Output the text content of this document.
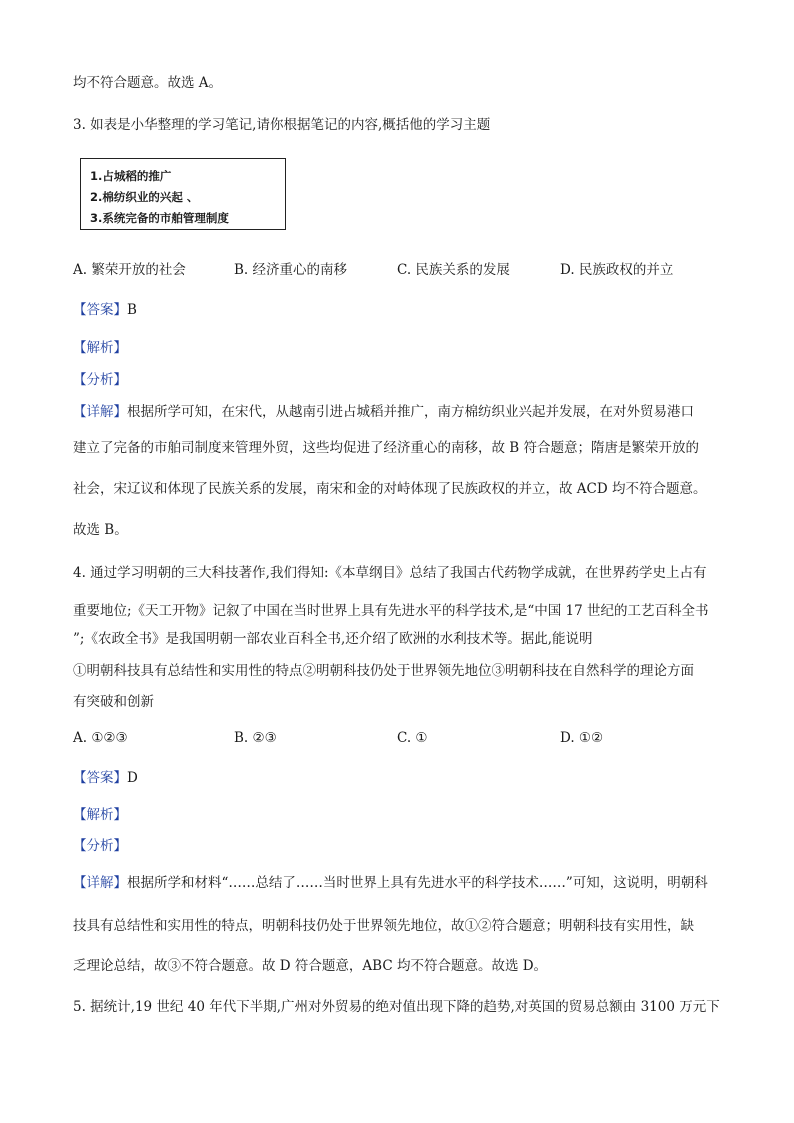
均不符合题意。故选 A。
3. 如表是小华整理的学习笔记,请你根据笔记的内容,概括他的学习主题
1.占城稻的推广
2.棉纺织业的兴起 、
3.系统完备的市舶管理制度
A. 繁荣开放的社会	B. 经济重心的南移	C. 民族关系的发展	D. 民族政权的并立
【答案】B
【解析】
【分析】
【详解】根据所学可知，在宋代，从越南引进占城稻并推广，南方棉纺织业兴起并发展，在对外贸易港口
建立了完备的市舶司制度来管理外贸，这些均促进了经济重心的南移，故 B 符合题意；隋唐是繁荣开放的
社会，宋辽议和体现了民族关系的发展，南宋和金的对峙体现了民族政权的并立，故 ACD 均不符合题意。
故选 B。
4. 通过学习明朝的三大科技著作,我们得知:《本草纲目》总结了我国古代药物学成就，在世界药学史上占有
重要地位;《天工开物》记叙了中国在当时世界上具有先进水平的科学技术,是“中国 17 世纪的工艺百科全书
”;《农政全书》是我国明朝一部农业百科全书,还介绍了欧洲的水利技术等。据此,能说明
①明朝科技具有总结性和实用性的特点②明朝科技仍处于世界领先地位③明朝科技在自然科学的理论方面
有突破和创新
A. ①②③	B. ②③	C. ①	D. ①②
【答案】D
【解析】
【分析】
【详解】根据所学和材料“……总结了……当时世界上具有先进水平的科学技术……”可知，这说明，明朝科
技具有总结性和实用性的特点，明朝科技仍处于世界领先地位，故①②符合题意；明朝科技有实用性，缺
乏理论总结，故③不符合题意。故 D 符合题意，ABC 均不符合题意。故选 D。
5. 据统计,19 世纪 40 年代下半期,广州对外贸易的绝对值出现下降的趋势,对英国的贸易总额由 3100 万元下
